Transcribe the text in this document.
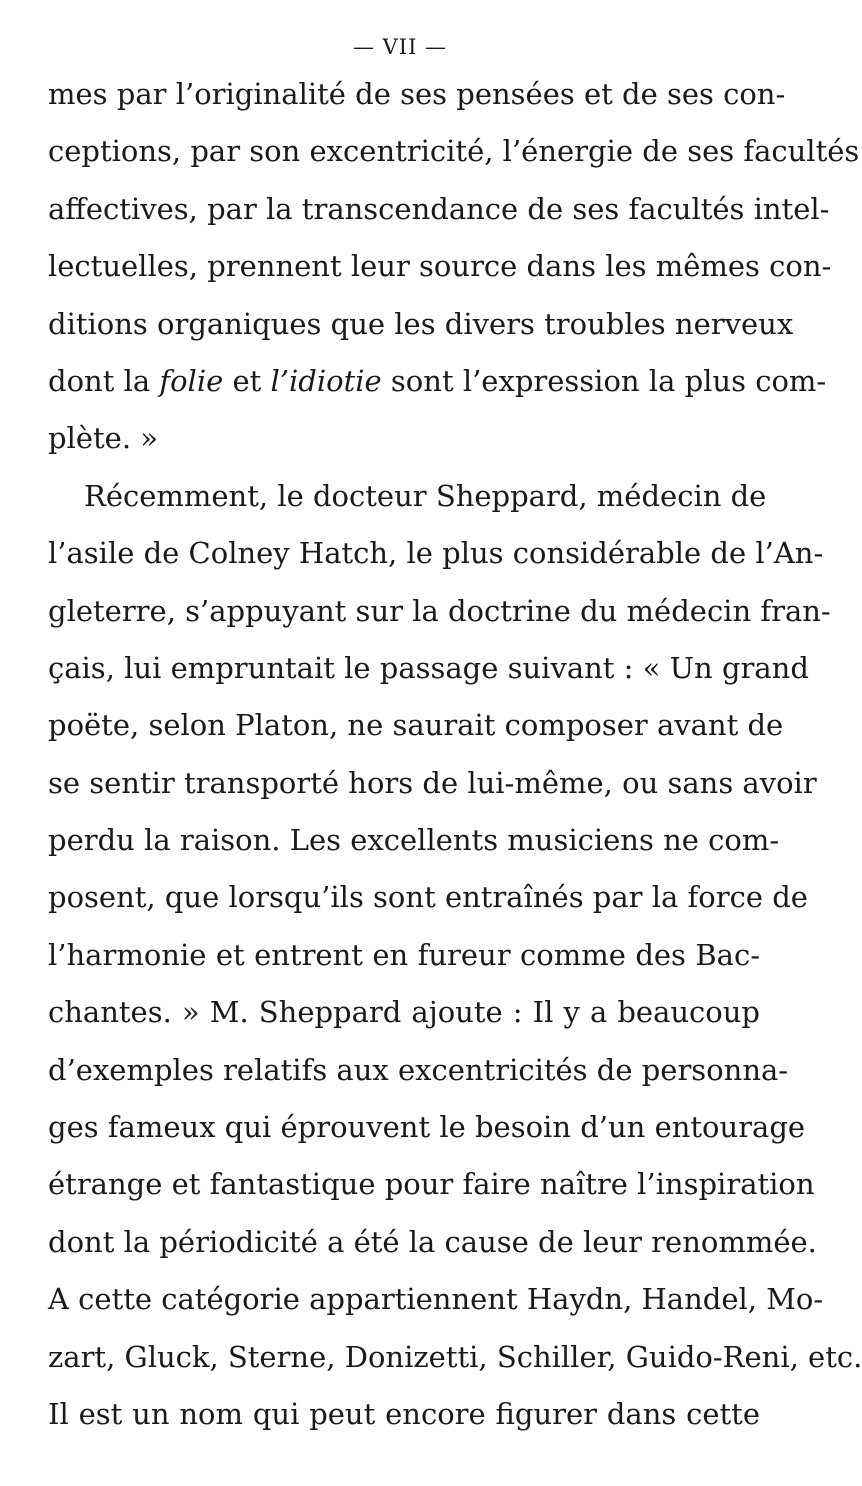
— VII —
mes par l’originalité de ses pensées et de ses con-
ceptions, par son excentricité, l’énergie de ses facultés
affectives, par la transcendance de ses facultés intel-
lectuelles, prennent leur source dans les mêmes con-
ditions organiques que les divers troubles nerveux
dont la folie et l’idiotie sont l’expression la plus com-
plète. »
Récemment, le docteur Sheppard, médecin de
l’asile de Colney Hatch, le plus considérable de l’An-
gleterre, s’appuyant sur la doctrine du médecin fran-
çais, lui empruntait le passage suivant : « Un grand
poëte, selon Platon, ne saurait composer avant de
se sentir transporté hors de lui-même, ou sans avoir
perdu la raison. Les excellents musiciens ne com-
posent, que lorsqu’ils sont entraînés par la force de
l’harmonie et entrent en fureur comme des Bac-
chantes. » M. Sheppard ajoute : Il y a beaucoup
d’exemples relatifs aux excentricités de personna-
ges fameux qui éprouvent le besoin d’un entourage
étrange et fantastique pour faire naître l’inspiration
dont la périodicité a été la cause de leur renommée.
A cette catégorie appartiennent Haydn, Handel, Mo-
zart, Gluck, Sterne, Donizetti, Schiller, Guido-Reni, etc.
Il est un nom qui peut encore figurer dans cette
